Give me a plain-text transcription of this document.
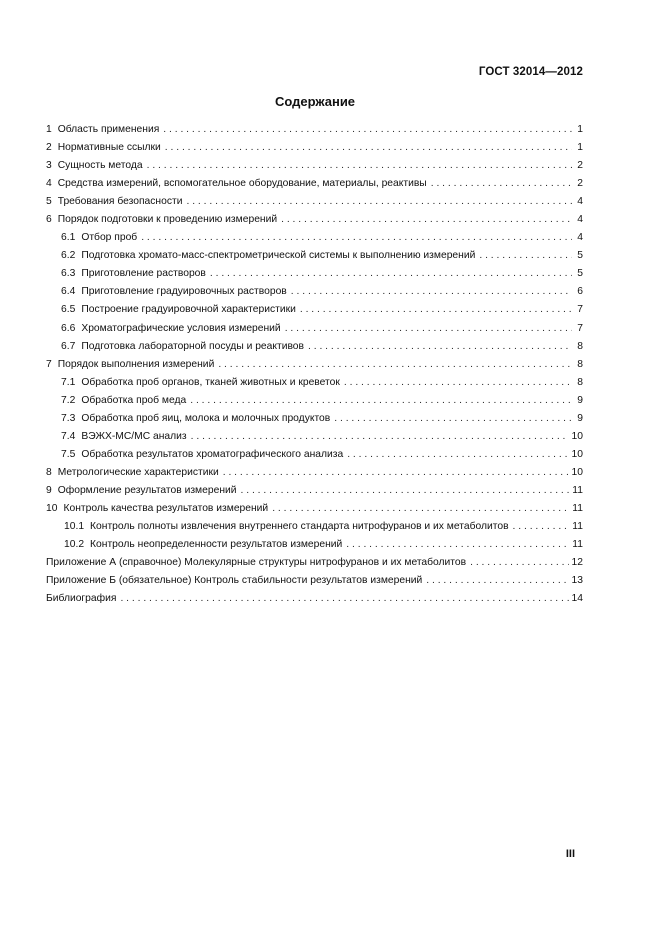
ГОСТ 32014—2012
Содержание
1 Область применения . . .	1
2 Нормативные ссылки . . .	1
3 Сущность метода . . .	2
4 Средства измерений, вспомогательное оборудование, материалы, реактивы . . .	2
5 Требования безопасности . . .	4
6 Порядок подготовки к проведению измерений . . .	4
6.1 Отбор проб . . .	4
6.2 Подготовка хромато-масс-спектрометрической системы к выполнению измерений . . .	5
6.3 Приготовление растворов . . .	5
6.4 Приготовление градуировочных растворов . . .	6
6.5 Построение градуировочной характеристики . . .	7
6.6 Хроматографические условия измерений . . .	7
6.7 Подготовка лабораторной посуды и реактивов . . .	8
7 Порядок выполнения измерений . . .	8
7.1 Обработка проб органов, тканей животных и креветок . . .	8
7.2 Обработка проб меда . . .	9
7.3 Обработка проб яиц, молока и молочных продуктов . . .	9
7.4 ВЭЖХ-МС/МС анализ . . .	10
7.5 Обработка результатов хроматографического анализа . . .	10
8 Метрологические характеристики . . .	10
9 Оформление результатов измерений . . .	11
10 Контроль качества результатов измерений . . .	11
10.1 Контроль полноты извлечения внутреннего стандарта нитрофуранов и их метаболитов . . .	11
10.2 Контроль неопределенности результатов измерений . . .	11
Приложение А (справочное) Молекулярные структуры нитрофуранов и их метаболитов . . .	12
Приложение Б (обязательное) Контроль стабильности результатов измерений . . .	13
Библиография . . .	14
III
